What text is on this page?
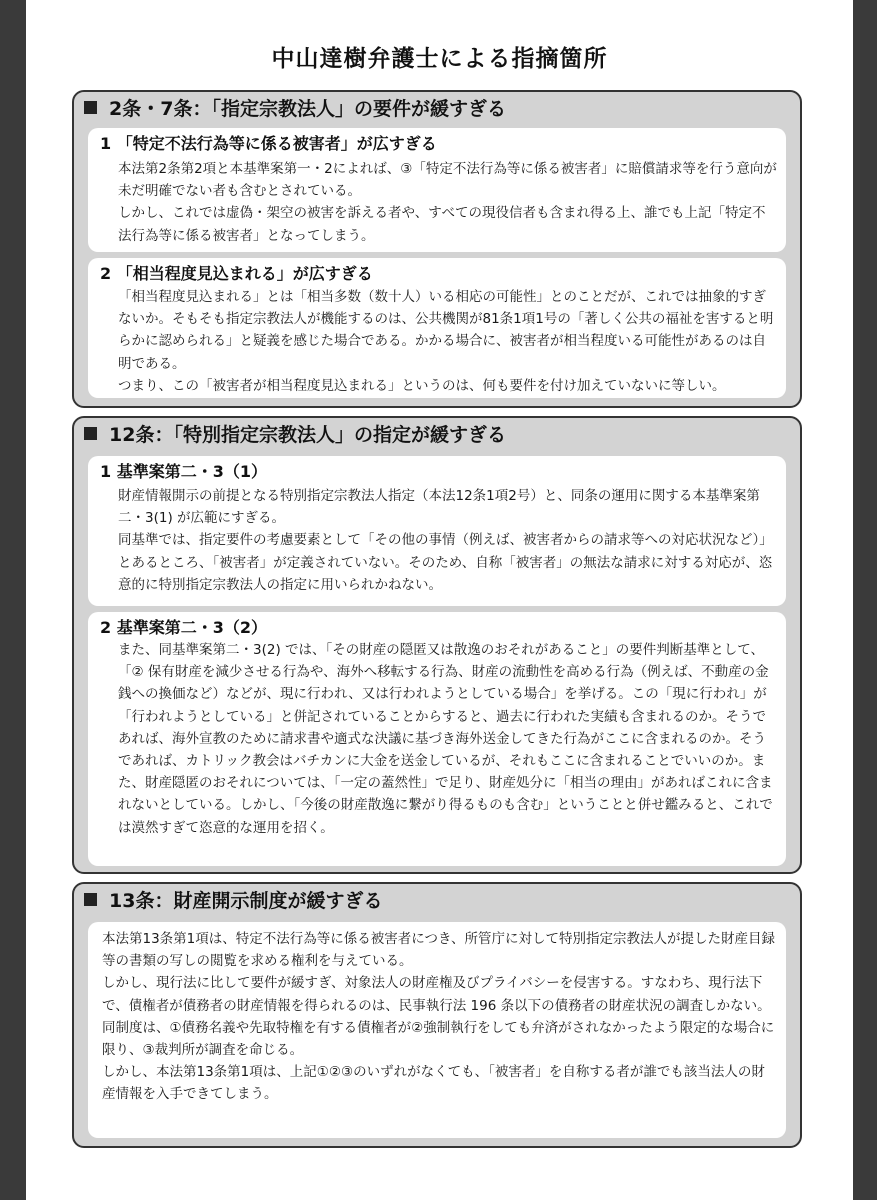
中山達樹弁護士による指摘箇所
2条・7条：「指定宗教法人」の要件が緩すぎる
1 「特定不法行為等に係る被害者」が広すぎる

本法第2条第2項と本基準案第一・2によれば、③「特定不法行為等に係る被害者」に賠償請求等を行う意向が未だ明確でない者も含むとされている。

しかし、これでは虚偽・架空の被害を訴える者や、すべての現役信者も含まれ得る上、誰でも上記「特定不法行為等に係る被害者」となってしまう。

2 「相当程度見込まれる」が広すぎる

「相当程度見込まれる」とは「相当多数（数十人）いる相応の可能性」とのことだが、これでは抽象的すぎないか。そもそも指定宗教法人が機能するのは、公共機関が81条1項1号の「著しく公共の福祉を害すると明らかに認められる」と疑義を感じた場合である。かかる場合に、被害者が相当程度いる可能性があるのは自明である。

つまり、この「被害者が相当程度見込まれる」というのは、何も要件を付け加えていないに等しい。

12条：「特別指定宗教法人」の指定が緩すぎる
1 基準案第二・3（1）

財産情報開示の前提となる特別指定宗教法人指定（本法12条1項2号）と、同条の運用に関する本基準案第二・3(1) が広範にすぎる。

同基準では、指定要件の考慮要素として「その他の事情（例えば、被害者からの請求等への対応状況など）」とあるところ、「被害者」が定義されていない。そのため、自称「被害者」の無法な請求に対する対応が、恣意的に特別指定宗教法人の指定に用いられかねない。

2 基準案第二・3（2）

また、同基準案第二・3(2) では、「その財産の隠匿又は散逸のおそれがあること」の要件判断基準として、「② 保有財産を減少させる行為や、海外へ移転する行為、財産の流動性を高める行為（例えば、不動産の金銭への換価など）などが、現に行われ、又は行われようとしている場合」を挙げる。この「現に行われ」が「行われようとしている」と併記されていることからすると、過去に行われた実績も含まれるのか。そうであれば、海外宣教のために請求書や適式な決議に基づき海外送金してきた行為がここに含まれるのか。そうであれば、カトリック教会はバチカンに大金を送金しているが、それもここに含まれることでいいのか。また、財産隠匿のおそれについては、「一定の蓋然性」で足り、財産処分に「相当の理由」があればこれに含まれないとしている。しかし、「今後の財産散逸に繋がり得るものも含む」ということと併せ鑑みると、これでは漠然すぎて恣意的な運用を招く。

13条：財産開示制度が緩すぎる

本法第13条第1項は、特定不法行為等に係る被害者につき、所管庁に対して特別指定宗教法人が提した財産目録等の書類の写しの閲覧を求める権利を与えている。

しかし、現行法に比して要件が緩すぎ、対象法人の財産権及びプライバシーを侵害する。すなわち、現行法下で、債権者が債務者の財産情報を得られるのは、民事執行法 196 条以下の債務者の財産状況の調査しかない。

同制度は、①債務名義や先取特権を有する債権者が②強制執行をしても弁済がされなかったよう限定的な場合に限り、③裁判所が調査を命じる。

しかし、本法第13条第1項は、上記①②③のいずれがなくても、「被害者」を自称する者が誰でも該当法人の財産情報を入手できてしまう。
